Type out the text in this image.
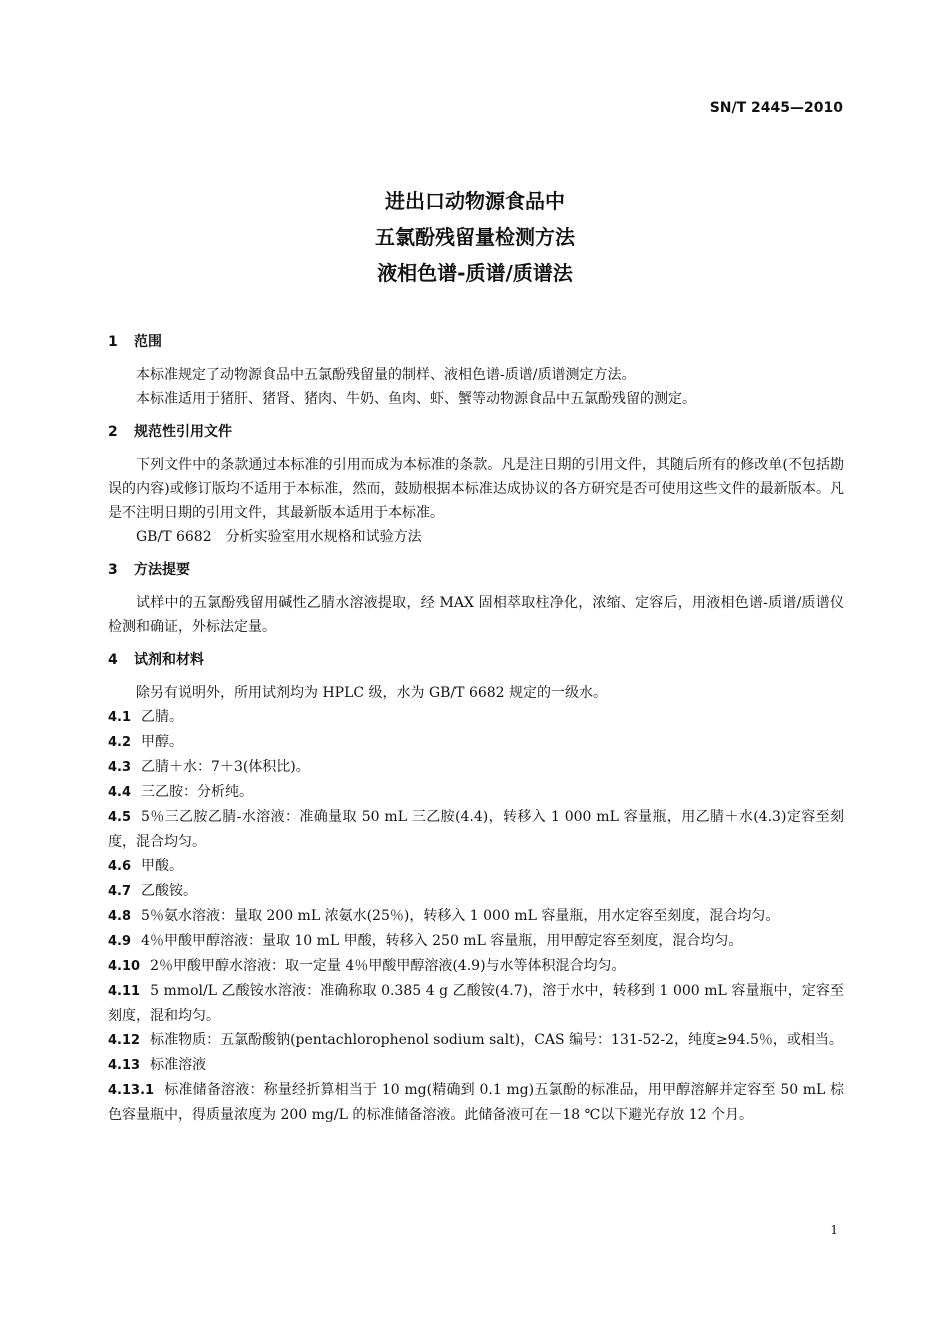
SN/T 2445—2010
进出口动物源食品中
五氯酚残留量检测方法
液相色谱-质谱/质谱法
1 范围

本标准规定了动物源食品中五氯酚残留量的制样、液相色谱-质谱/质谱测定方法。

本标准适用于猪肝、猪肾、猪肉、牛奶、鱼肉、虾、蟹等动物源食品中五氯酚残留的测定。

2 规范性引用文件

下列文件中的条款通过本标准的引用而成为本标准的条款。凡是注日期的引用文件，其随后所有的修改单(不包括勘误的内容)或修订版均不适用于本标准，然而，鼓励根据本标准达成协议的各方研究是否可使用这些文件的最新版本。凡是不注明日期的引用文件，其最新版本适用于本标准。

GB/T 6682 分析实验室用水规格和试验方法

3 方法提要

试样中的五氯酚残留用碱性乙腈水溶液提取，经 MAX 固相萃取柱净化，浓缩、定容后，用液相色谱-质谱/质谱仪检测和确证，外标法定量。

4 试剂和材料

除另有说明外，所用试剂均为 HPLC 级，水为 GB/T 6682 规定的一级水。

4.1 乙腈。

4.2 甲醇。

4.3 乙腈＋水：7＋3(体积比)。

4.4 三乙胺：分析纯。

4.5 5％三乙胺乙腈-水溶液：准确量取 50 mL 三乙胺(4.4)，转移入 1 000 mL 容量瓶，用乙腈＋水(4.3)定容至刻度，混合均匀。

4.6 甲酸。

4.7 乙酸铵。

4.8 5％氨水溶液：量取 200 mL 浓氨水(25％)，转移入 1 000 mL 容量瓶，用水定容至刻度，混合均匀。

4.9 4％甲酸甲醇溶液：量取 10 mL 甲酸，转移入 250 mL 容量瓶，用甲醇定容至刻度，混合均匀。

4.10 2％甲酸甲醇水溶液：取一定量 4％甲酸甲醇溶液(4.9)与水等体积混合均匀。

4.11 5 mmol/L 乙酸铵水溶液：准确称取 0.385 4 g 乙酸铵(4.7)，溶于水中，转移到 1 000 mL 容量瓶中，定容至刻度，混和均匀。

4.12 标准物质：五氯酚酸钠(pentachlorophenol sodium salt)，CAS 编号：131-52-2，纯度≥94.5％，或相当。

4.13 标准溶液

4.13.1 标准储备溶液：称量经折算相当于 10 mg(精确到 0.1 mg)五氯酚的标准品，用甲醇溶解并定容至 50 mL 棕色容量瓶中，得质量浓度为 200 mg/L 的标准储备溶液。此储备液可在－18 ℃以下避光存放 12 个月。

1
